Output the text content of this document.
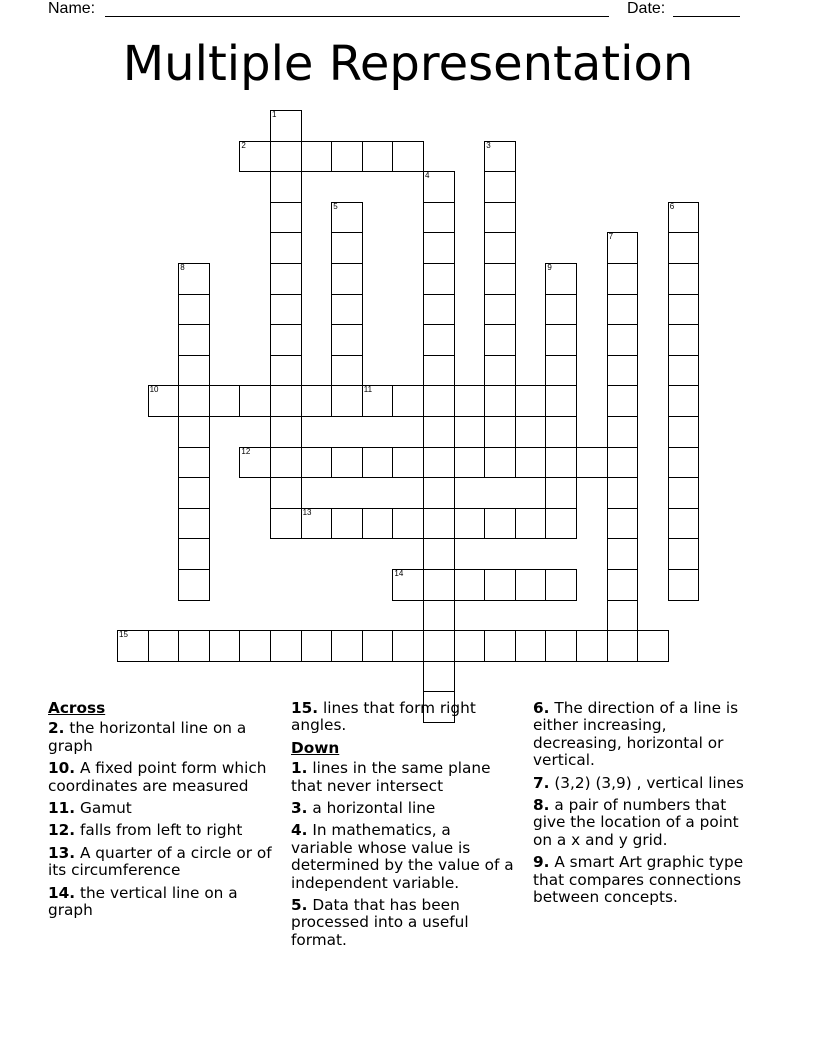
Name:	Date:
Multiple Representation
1
2	3
4
5	6
7
8	9
10	11
12
13
14
15
Across
2. the horizontal line on a graph
10. A fixed point form which coordinates are measured
11. Gamut
12. falls from left to right
13. A quarter of a circle or of its circumference
14. the vertical line on a graph
15. lines that form right angles.
Down
1. lines in the same plane that never intersect
3. a horizontal line
4. In mathematics, a variable whose value is determined by the value of a independent variable.
5. Data that has been processed into a useful format.
6. The direction of a line is either increasing, decreasing, horizontal or vertical.
7. (3,2) (3,9) , vertical lines
8. a pair of numbers that give the location of a point on a x and y grid.
9. A smart Art graphic type that compares connections between concepts.
